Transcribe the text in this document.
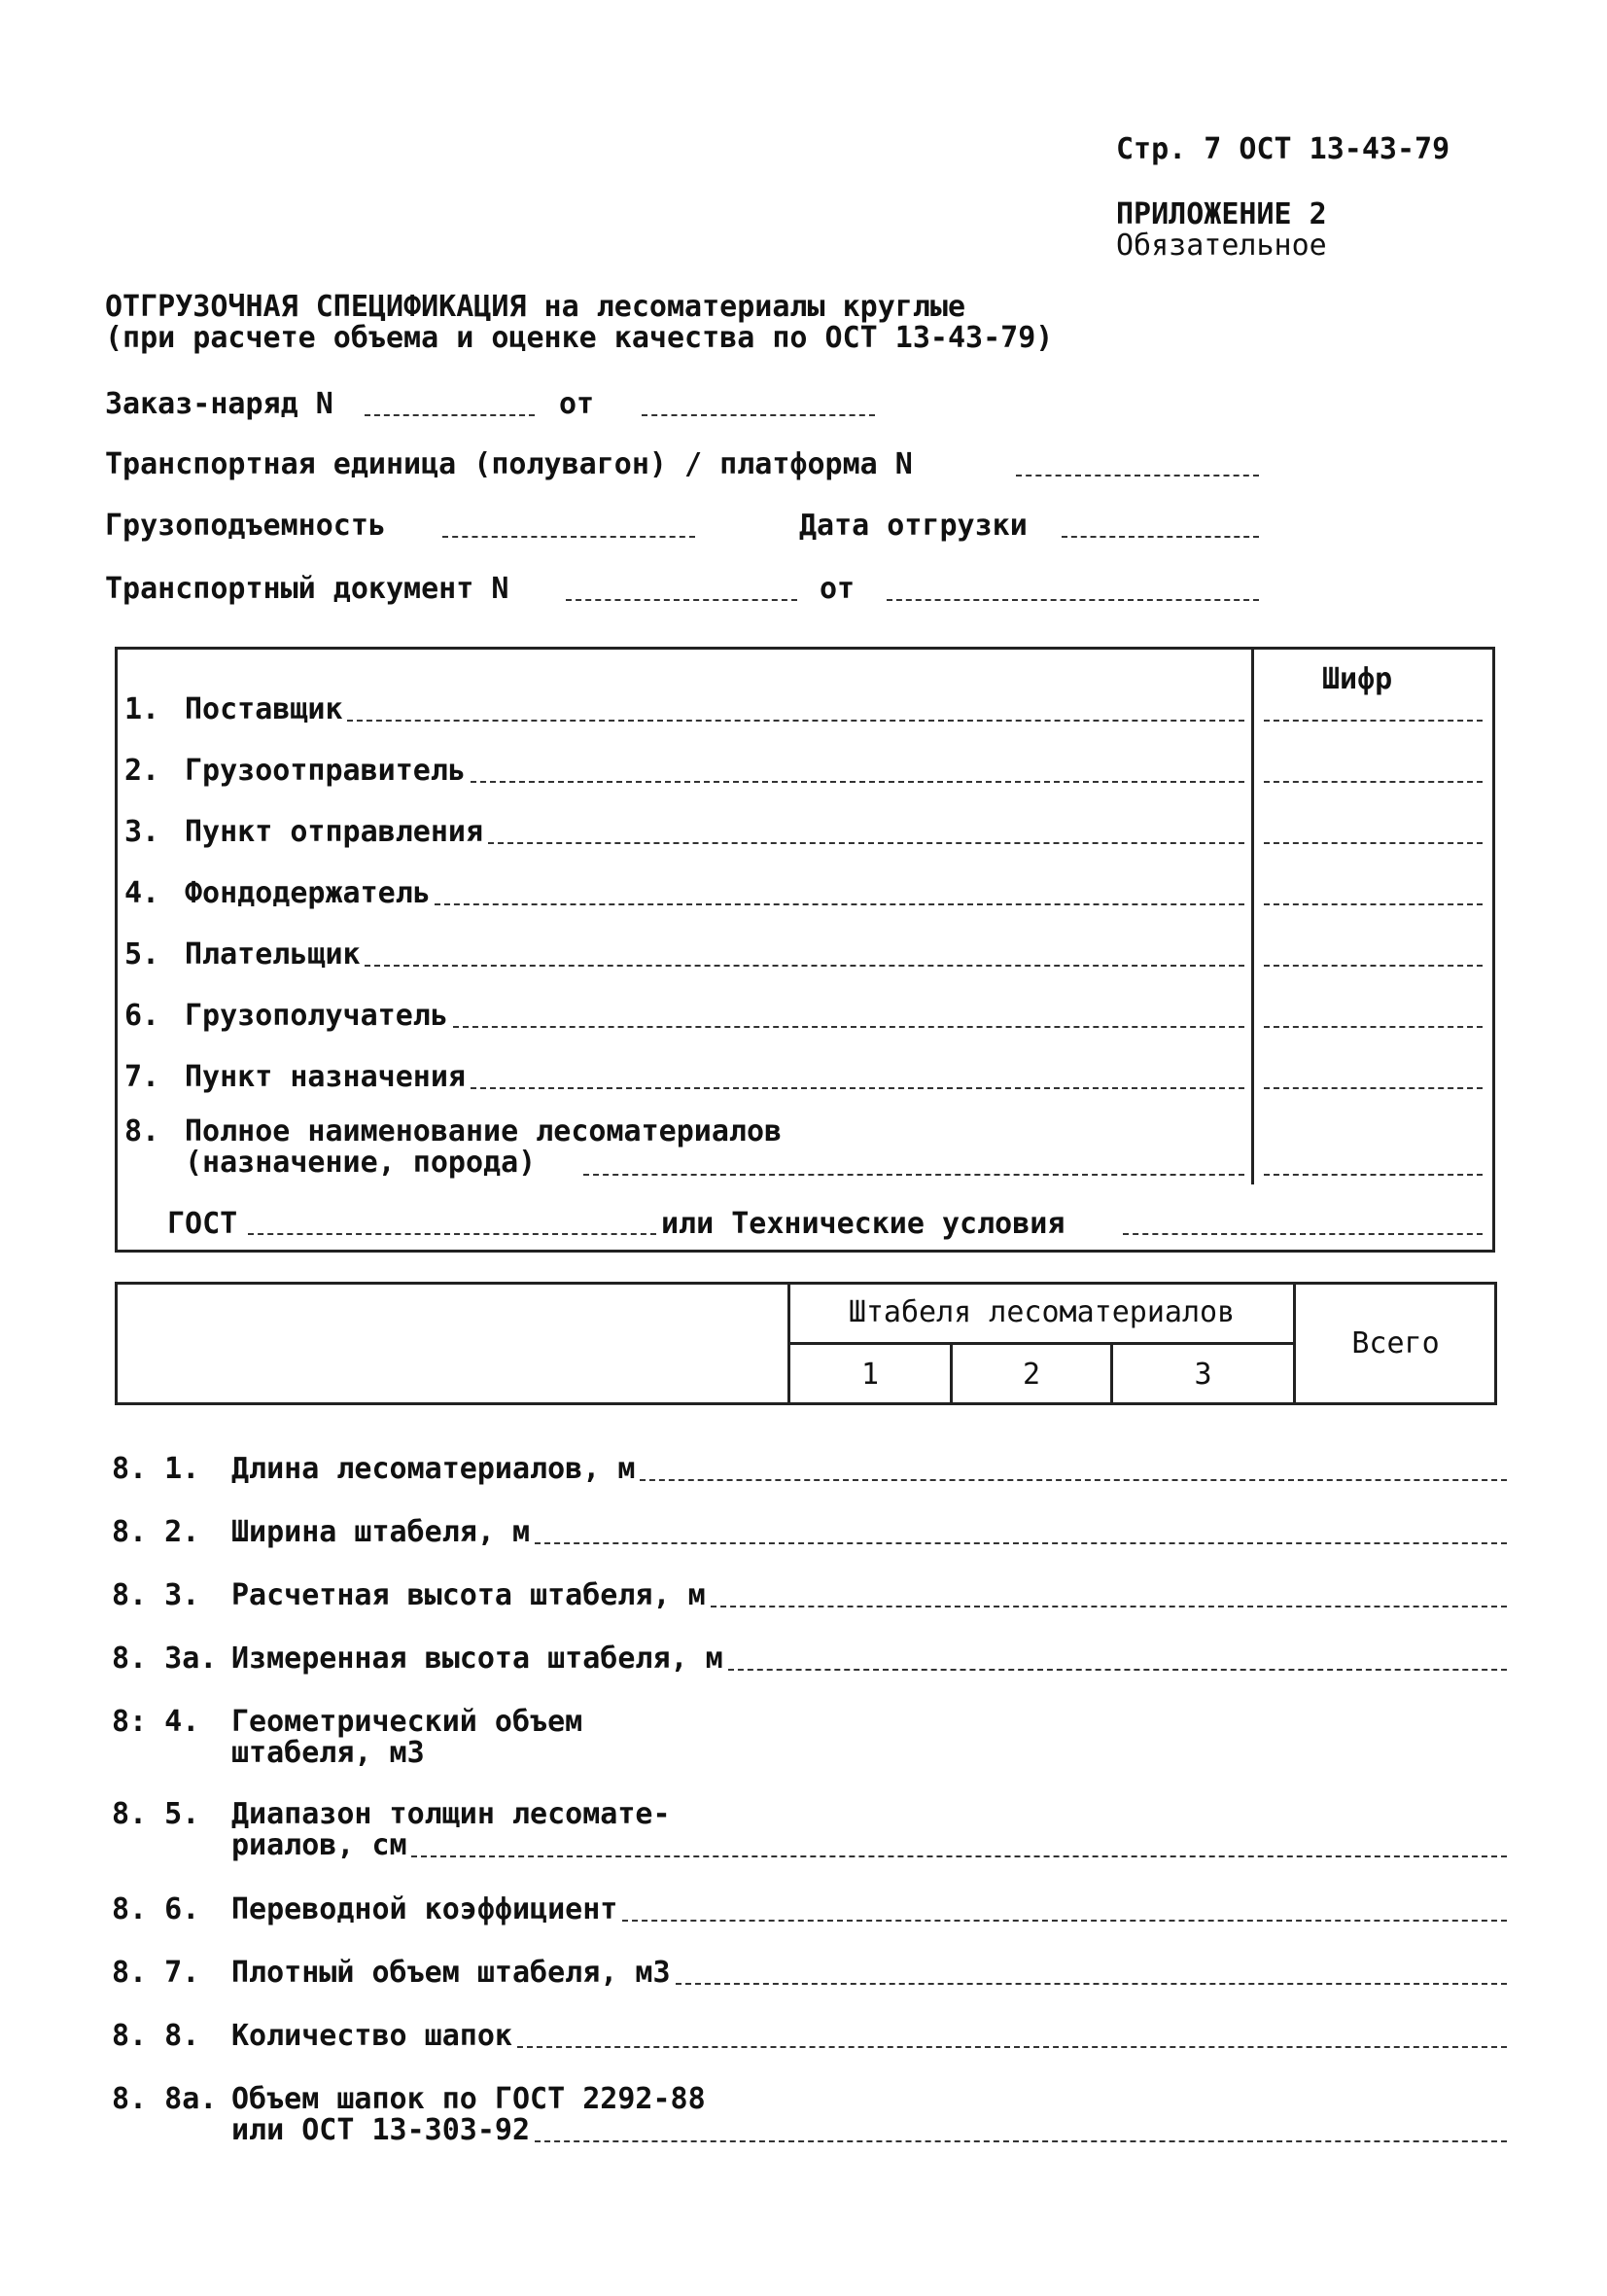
Стр. 7 ОСТ 13-43-79
ПРИЛОЖЕНИЕ 2
Обязательное
ОТГРУЗОЧНАЯ СПЕЦИФИКАЦИЯ на лесоматериалы круглые
(при расчете объема и оценке качества по ОСТ 13-43-79)
Заказ-наряд N	от
Транспортная единица (полувагон) / платформа N
Грузоподъемность	Дата отгрузки
Транспортный документ N	от
Шифр
1. Поставщик
2. Грузоотправитель
3. Пункт отправления
4. Фондодержатель
5. Плательщик
6. Грузополучатель
7. Пункт назначения
8. Полное наименование лесоматериалов
(назначение, порода)
ГОСТ	или Технические условия
Штабеля лесоматериалов
1	2	3
Всего
8. 1. Длина лесоматериалов, м
8. 2. Ширина штабеля, м
8. 3. Расчетная высота штабеля, м
8. 3а. Измеренная высота штабеля, м
8: 4. Геометрический объем
штабеля, м3
8. 5. Диапазон толщин лесомате-
риалов, см
8. 6. Переводной коэффициент
8. 7. Плотный объем штабеля, м3
8. 8. Количество шапок
8. 8а. Объем шапок по ГОСТ 2292-88
или ОСТ 13-303-92
